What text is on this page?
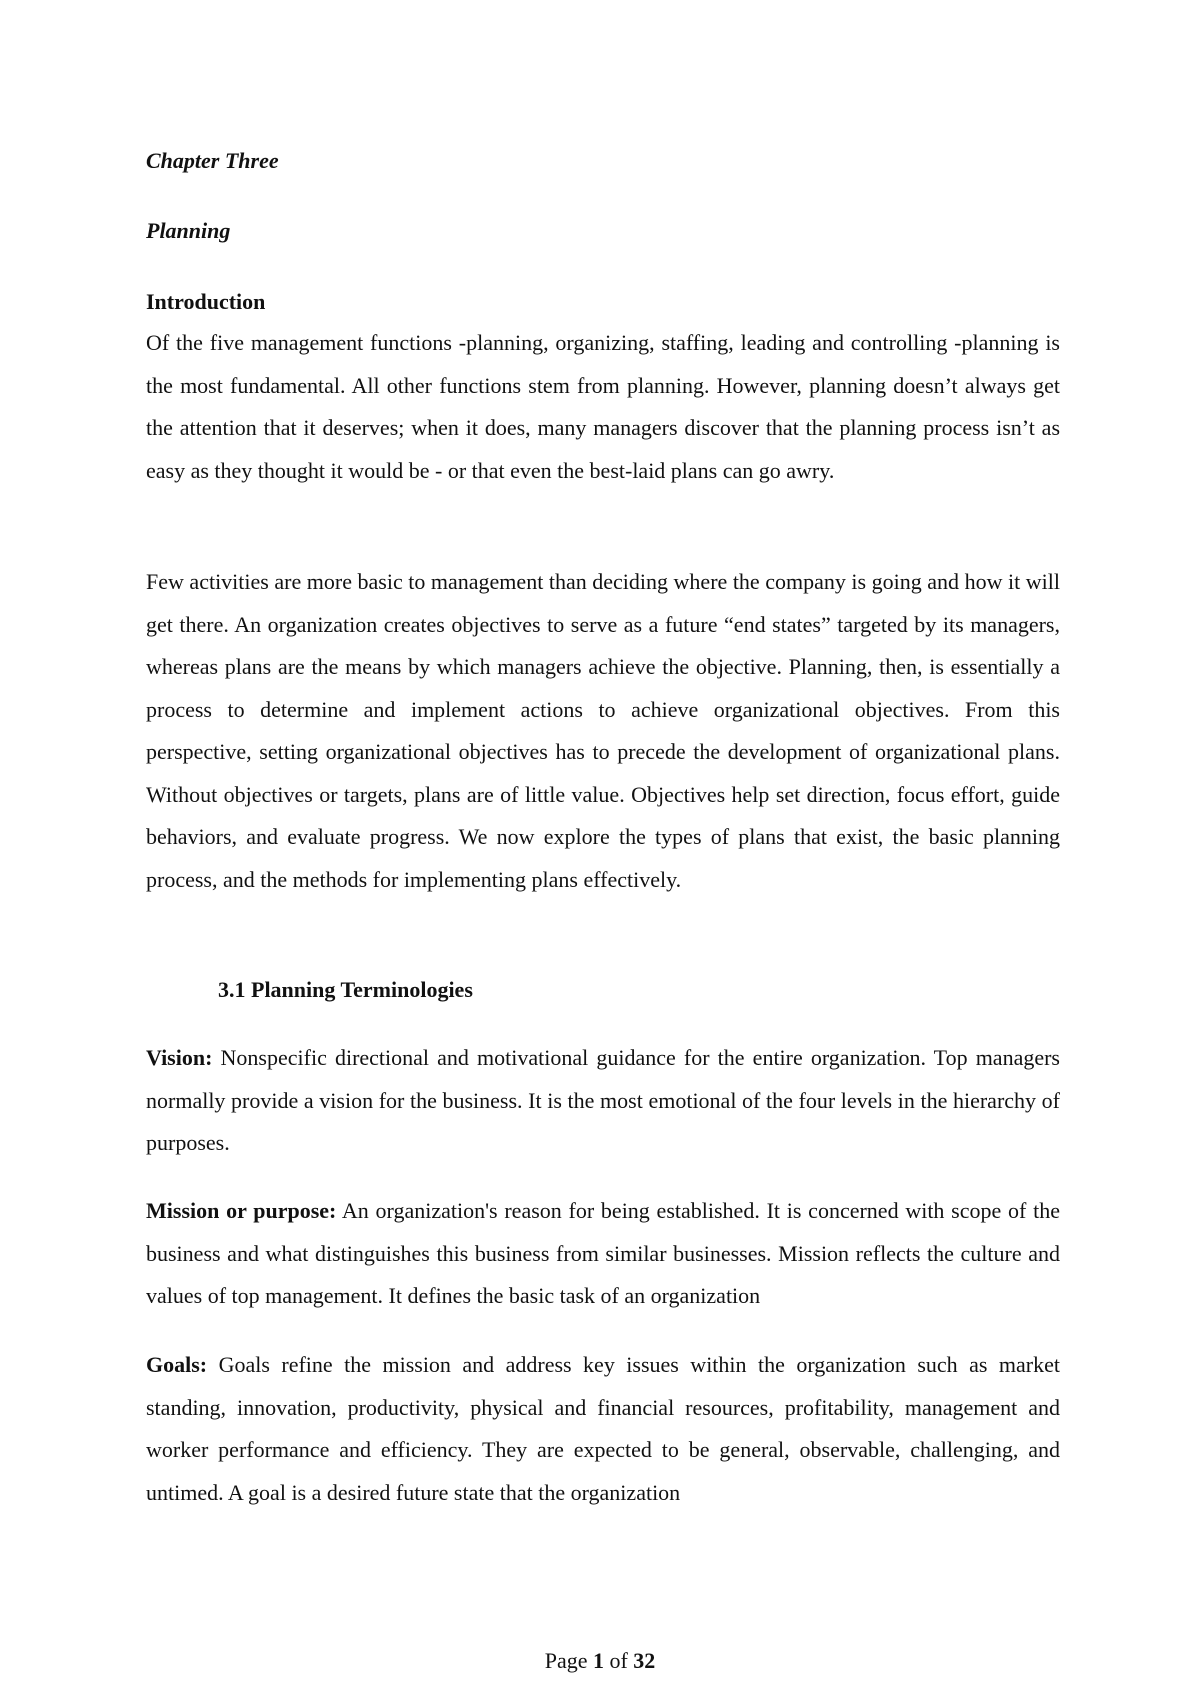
Chapter Three
Planning
Introduction

Of the five management functions -planning, organizing, staffing, leading and controlling -planning is the most fundamental. All other functions stem from planning. However, planning doesn’t always get the attention that it deserves; when it does, many managers discover that the planning process isn’t as easy as they thought it would be - or that even the best-laid plans can go awry.

Few activities are more basic to management than deciding where the company is going and how it will get there. An organization creates objectives to serve as a future “end states” targeted by its managers, whereas plans are the means by which managers achieve the objective. Planning, then, is essentially a process to determine and implement actions to achieve organizational objectives. From this perspective, setting organizational objectives has to precede the development of organizational plans. Without objectives or targets, plans are of little value. Objectives help set direction, focus effort, guide behaviors, and evaluate progress. We now explore the types of plans that exist, the basic planning process, and the methods for implementing plans effectively.

3.1 Planning Terminologies

Vision: Nonspecific directional and motivational guidance for the entire organization. Top managers normally provide a vision for the business. It is the most emotional of the four levels in the hierarchy of purposes.

Mission or purpose: An organization's reason for being established. It is concerned with scope of the business and what distinguishes this business from similar businesses. Mission reflects the culture and values of top management. It defines the basic task of an organization

Goals: Goals refine the mission and address key issues within the organization such as market standing, innovation, productivity, physical and financial resources, profitability, management and worker performance and efficiency. They are expected to be general, observable, challenging, and untimed. A goal is a desired future state that the organization

Page 1 of 32
